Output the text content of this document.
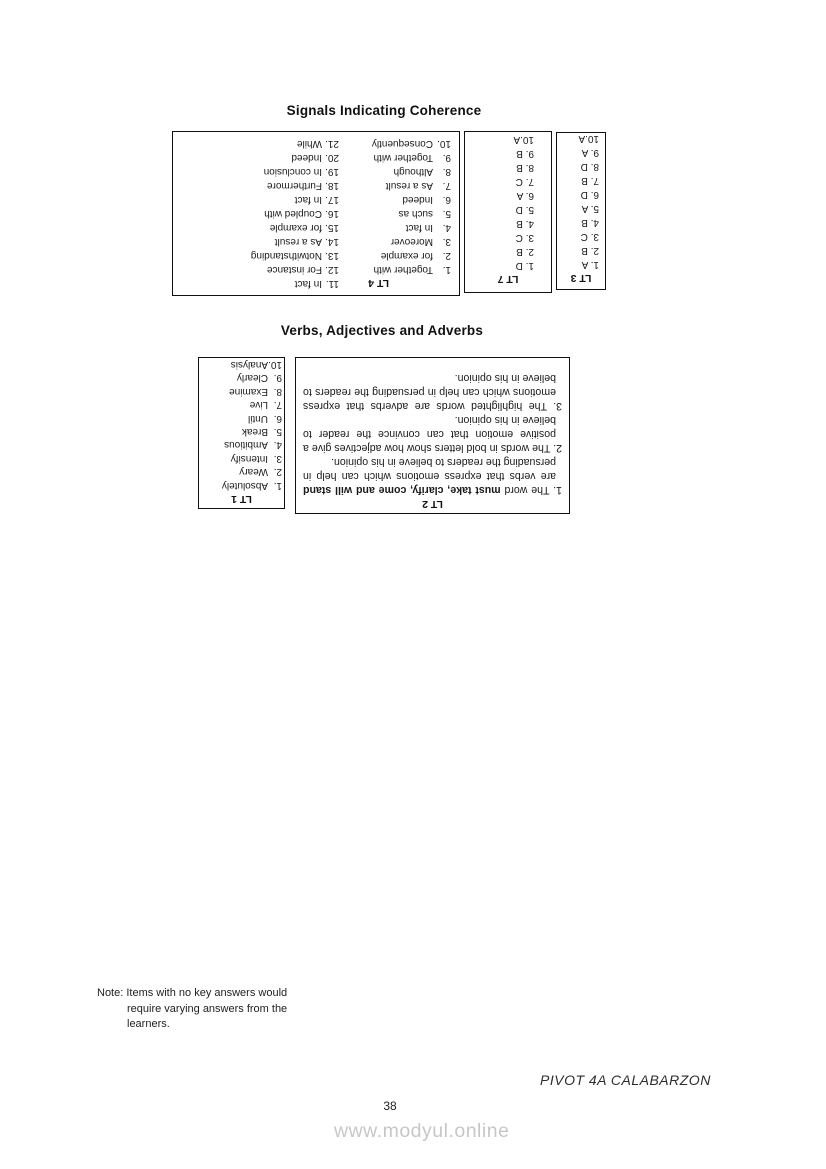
Signals Indicating Coherence
LT 4
1.
Together with
2.
for example
3.
Moreover
4.
In fact
5.
such as
6.
Indeed
7.
As a result
8.
Although
9.
Together with
10.
Consequently
11.
In fact
12.
For instance
13.
Notwithstanding
14.
As a result
15.
for example
16.
Coupled with
17.
In fact
18.
Furthermore
19.
In conclusion
20.
Indeed
21.
While
LT 7
1. D
2. B
3. C
4. B
5. D
6. A
7. C
8. B
9. B
10.A
LT 3
1. A
2. B
3. C
4. B
5. A
6. D
7. B
8. D
9. A
10.A
Verbs, Adjectives and Adverbs
LT 1
1.
Absolutely
2.
Weary
3.
Intensify
4.
Ambitious
5.
Break
6.
Until
7.
Live
8.
Examine
9.
Clearly
10.
Analysis
LT 2
1. The word must take, clarify, come and will stand are verbs that express emotions which can help in persuading the readers to believe in his opinion.
2. The words in bold letters show how adjectives give a positive emotion that can convince the reader to believe in his opinion.
3. The highlighted words are adverbs that express emotions which can help in persuading the readers to believe in his opinion.
Note: Items with no key answers would
require varying answers from the
learners.
PIVOT 4A CALABARZON
38
www.modyul.online
